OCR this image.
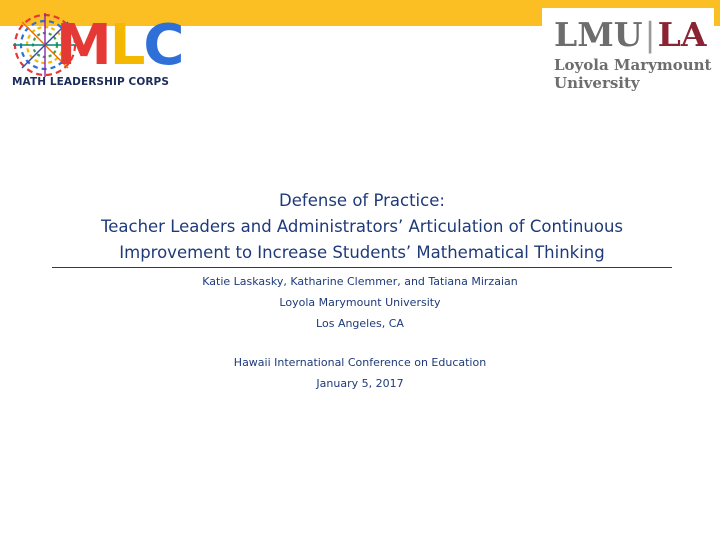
MLC
MATH LEADERSHIP CORPS
LMU|LA
Loyola Marymount
University
Defense of Practice:
Teacher Leaders and Administrators’ Articulation of Continuous
Improvement to Increase Students’ Mathematical Thinking
Katie Laskasky, Katharine Clemmer, and Tatiana Mirzaian
Loyola Marymount University
Los Angeles, CA
Hawaii International Conference on Education
January 5, 2017
